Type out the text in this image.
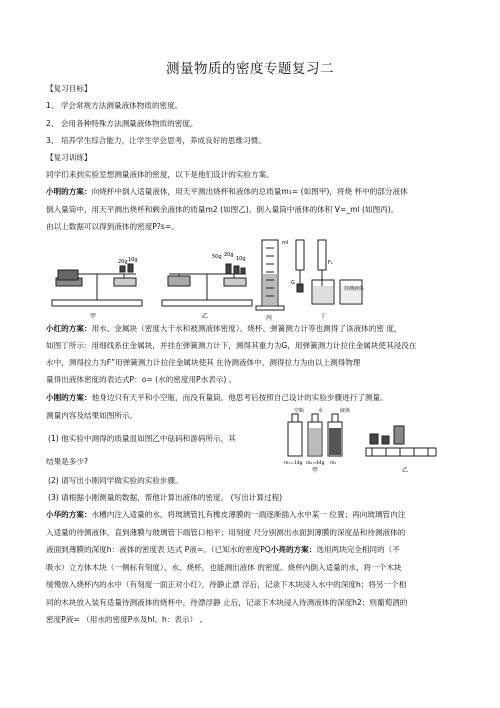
测量物质的密度专题复习二
【复习目标】
1、 学会常规方法测量液体物质的密度。
2、 会用各种特殊方法测量液体物质的密度。
3、 培养学生综合能力，让学生学会思考，养成良好的思维习惯。
【复习训练】
同学们来到实验室想测量液体的密度，以下是他们设计的实验方案。
小明的方案：向烧杯中倒入适量液体，用天平测出烧杯和液体的总质量m₁= (如图甲)，将烧 杯中的部分液体
倒入量筒中，用天平测出烧杯和剩余液体的质量m2 (如图乙)，倒入量筒中液体的体积 V=_ml (如图丙)。
由以上数据可以得到液体的密度P?s=。
20g 10g
甲
50g 20g
10g
乙
ml
丙
G
F₁
待测液体
丁
小红的方案：用水、金属块（密度大于水和被测液体密度）、烧杯、弹簧测力计等也测得了该液体的密 度，
如图丁所示：用细线系住金属块，并挂在弹簧测力计下，测得其重力为G，用弹簧测力计拉住金属块使其浸没在
水中，测得拉力为F”用弹簧测力计拉住金属块使其 在待测液体中，测得拉力为由以上测得物理
量得出液体密度的表达式P：o= (水的密度用P水表示) 。
小刚的方案：他身边只有天平和小空瓶，而没有量筒。他思考后按照自己设计的实验步骤进行了测量。
测量内容及结果如图所示。
(1) 他实验中测得的质量皿如图乙中砝码和游码所示，其
结果是多少?
空瓶	水	液体
m₁=14g m₂=44g m₃
甲	乙
(2) 请写出小刚同学做实验的实验步骤。
(3) 请根据小刚测量的数据，帮他计算出液体的密度。 (写出计算过程)
小华的方案：水槽内注入适量的水，将玻璃管扎有橡皮薄膜的一端逐渐插入水中某一 位置；再向玻璃管内注
入适量的待测液体，直到薄膜与玻璃管下端管口相平；用刻度 尺分别测出水面到薄膜的深度品和待测液体的
液面到薄膜的深度h：液体的密度表 达式 P液=。（已知水的密度PQ小亮的方案：选用两块完全相同的（不
吸水）立方体木块（一侧标有刻度）、水、烧杯，也能测出液体 的密度。烧杯内倒入适量的水，将一个木块
缓慢放入烧杯内的水中（有刻度一面正对小红），待静止漂 浮后，记录下木块浸入水中的深度h；将另一个相
同的木块放入装有适量待测液体的烧杯中，待漂浮静 止后，记录下木块浸入待测液体的深度h2；则葡萄酒的
密度P液= （用水的密度P水及hl、h：表示） 。
